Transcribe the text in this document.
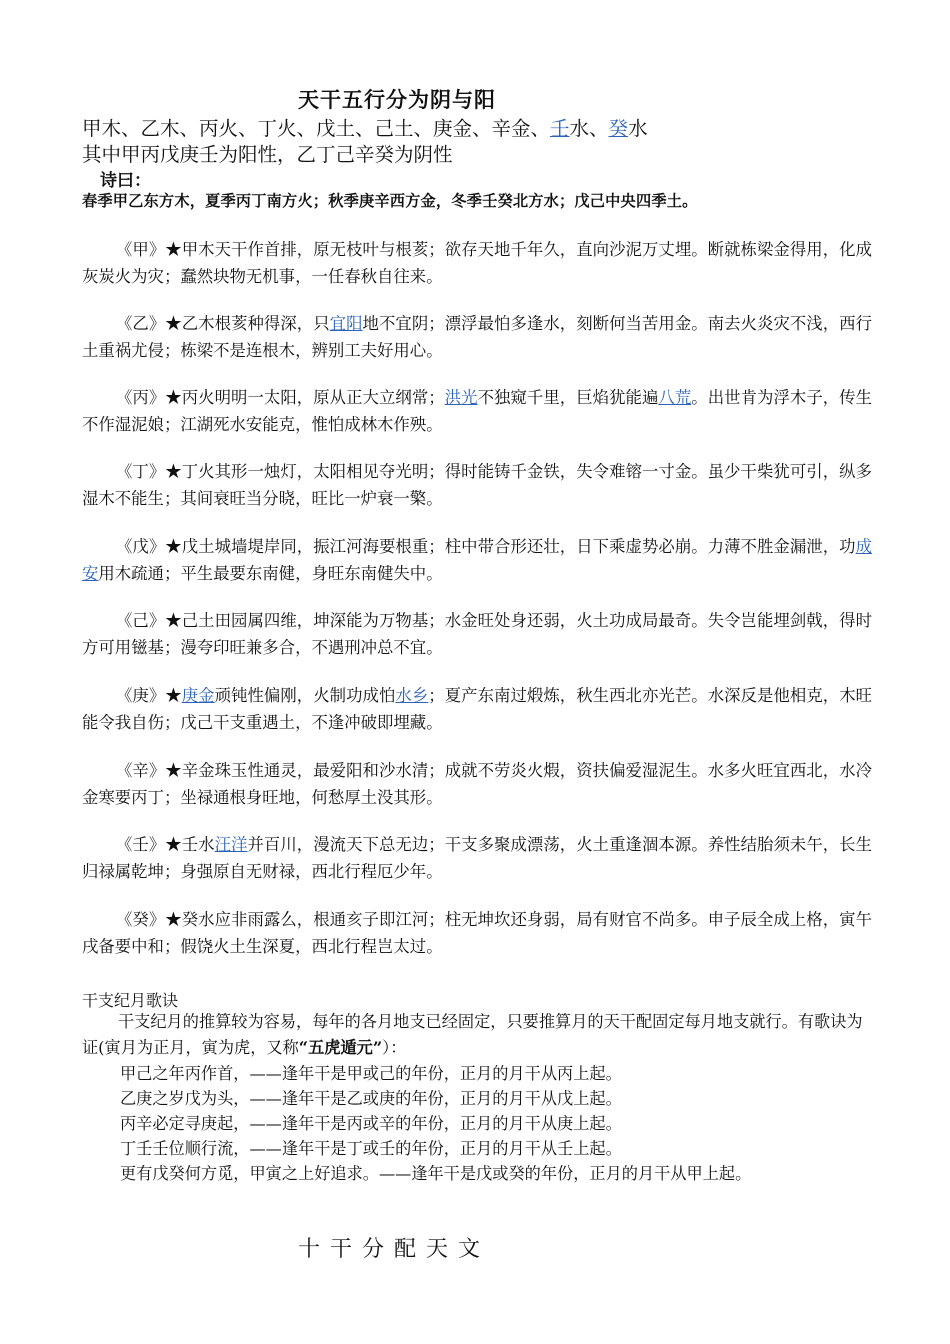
天干五行分为阴与阳
甲木、乙木、丙火、丁火、戊土、己土、庚金、辛金、壬水、癸水
其中甲丙戊庚壬为阳性，乙丁己辛癸为阴性
诗曰：
春季甲乙东方木，夏季丙丁南方火；秋季庚辛西方金，冬季壬癸北方水；戊己中央四季土。
《甲》★甲木天干作首排，原无枝叶与根荄；欲存天地千年久，直向沙泥万丈埋。断就栋梁金得用，化成灰炭火为灾；蠢然块物无机事，一任春秋自往来。
《乙》★乙木根荄种得深，只宜阳地不宜阴；漂浮最怕多逢水，刻断何当苦用金。南去火炎灾不浅，西行土重祸尤侵；栋梁不是连根木，辨别工夫好用心。
《丙》★丙火明明一太阳，原从正大立纲常；洪光不独窥千里，巨焰犹能遍八荒。出世肯为浮木子，传生不作湿泥娘；江湖死水安能克，惟怕成林木作殃。
《丁》★丁火其形一烛灯，太阳相见夺光明；得时能铸千金铁，失令难镕一寸金。虽少干柴犹可引，纵多湿木不能生；其间衰旺当分晓，旺比一炉衰一檠。
《戊》★戊土城墙堤岸同，振江河海要根重；柱中带合形还壮，日下乘虚势必崩。力薄不胜金漏泄，功成安用木疏通；平生最要东南健，身旺东南健失中。
《己》★己土田园属四维，坤深能为万物基；水金旺处身还弱，火土功成局最奇。失令岂能埋剑戟，得时方可用镃基；漫夸印旺兼多合，不遇刑冲总不宜。
《庚》★庚金顽钝性偏刚，火制功成怕水乡；夏产东南过煅炼，秋生西北亦光芒。水深反是他相克，木旺能令我自伤；戊己干支重遇土，不逢冲破即埋藏。
《辛》★辛金珠玉性通灵，最爱阳和沙水清；成就不劳炎火煆，资扶偏爱湿泥生。水多火旺宜西北，水冷金寒要丙丁；坐禄通根身旺地，何愁厚土没其形。
《壬》★壬水汪洋并百川，漫流天下总无边；干支多聚成漂荡，火土重逢涸本源。养性结胎须未午，长生归禄属乾坤；身强原自无财禄，西北行程厄少年。
《癸》★癸水应非雨露么，根通亥子即江河；柱无坤坎还身弱，局有财官不尚多。申子辰全成上格，寅午戌备要中和；假饶火土生深夏，西北行程岂太过。
干支纪月歌诀
干支纪月的推算较为容易，每年的各月地支已经固定，只要推算月的天干配固定每月地支就行。有歌诀为证(寅月为正月，寅为虎，又称“五虎遁元”）：
甲己之年丙作首，——逢年干是甲或己的年份，正月的月干从丙上起。
乙庚之岁戊为头，——逢年干是乙或庚的年份，正月的月干从戊上起。
丙辛必定寻庚起，——逢年干是丙或辛的年份，正月的月干从庚上起。
丁壬壬位顺行流，——逢年干是丁或壬的年份，正月的月干从壬上起。
更有戊癸何方觅，甲寅之上好追求。——逢年干是戊或癸的年份，正月的月干从甲上起。
十干分配天文
